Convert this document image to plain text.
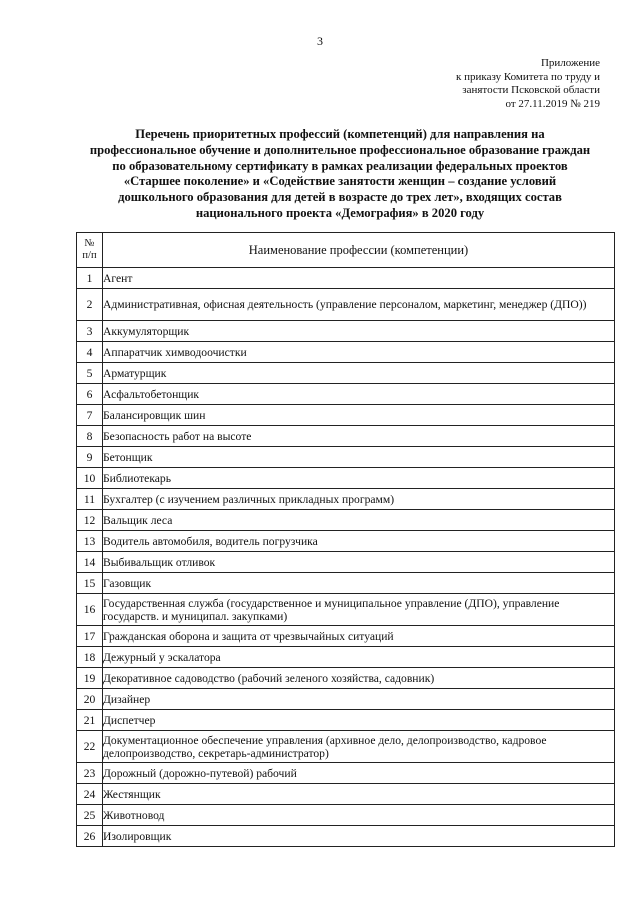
3
Приложение
к приказу Комитета по труду и
занятости Псковской области
от 27.11.2019 № 219
Перечень приоритетных профессий (компетенций) для направления на
профессиональное обучение и дополнительное профессиональное образование граждан
по образовательному сертификату в рамках реализации федеральных проектов
«Старшее поколение» и «Содействие занятости женщин – создание условий
дошкольного образования для детей в возрасте до трех лет», входящих состав
национального проекта «Демография» в 2020 году
№
п/п	Наименование профессии (компетенции)
1	Агент
2	Административная, офисная деятельность (управление персоналом, маркетинг, менеджер (ДПО))
3	Аккумуляторщик
4	Аппаратчик химводоочистки
5	Арматурщик
6	Асфальтобетонщик
7	Балансировщик шин
8	Безопасность работ на высоте
9	Бетонщик
10	Библиотекарь
11	Бухгалтер (с изучением различных прикладных программ)
12	Вальщик леса
13	Водитель автомобиля, водитель погрузчика
14	Выбивальщик отливок
15	Газовщик
16	Государственная служба (государственное и муниципальное управление (ДПО), управление государств. и муниципал. закупками)
17	Гражданская оборона и защита от чрезвычайных ситуаций
18	Дежурный у эскалатора
19	Декоративное садоводство (рабочий зеленого хозяйства, садовник)
20	Дизайнер
21	Диспетчер
22	Документационное обеспечение управления (архивное дело, делопроизводство, кадровое делопроизводство, секретарь-администратор)
23	Дорожный (дорожно-путевой) рабочий
24	Жестянщик
25	Животновод
26	Изолировщик
